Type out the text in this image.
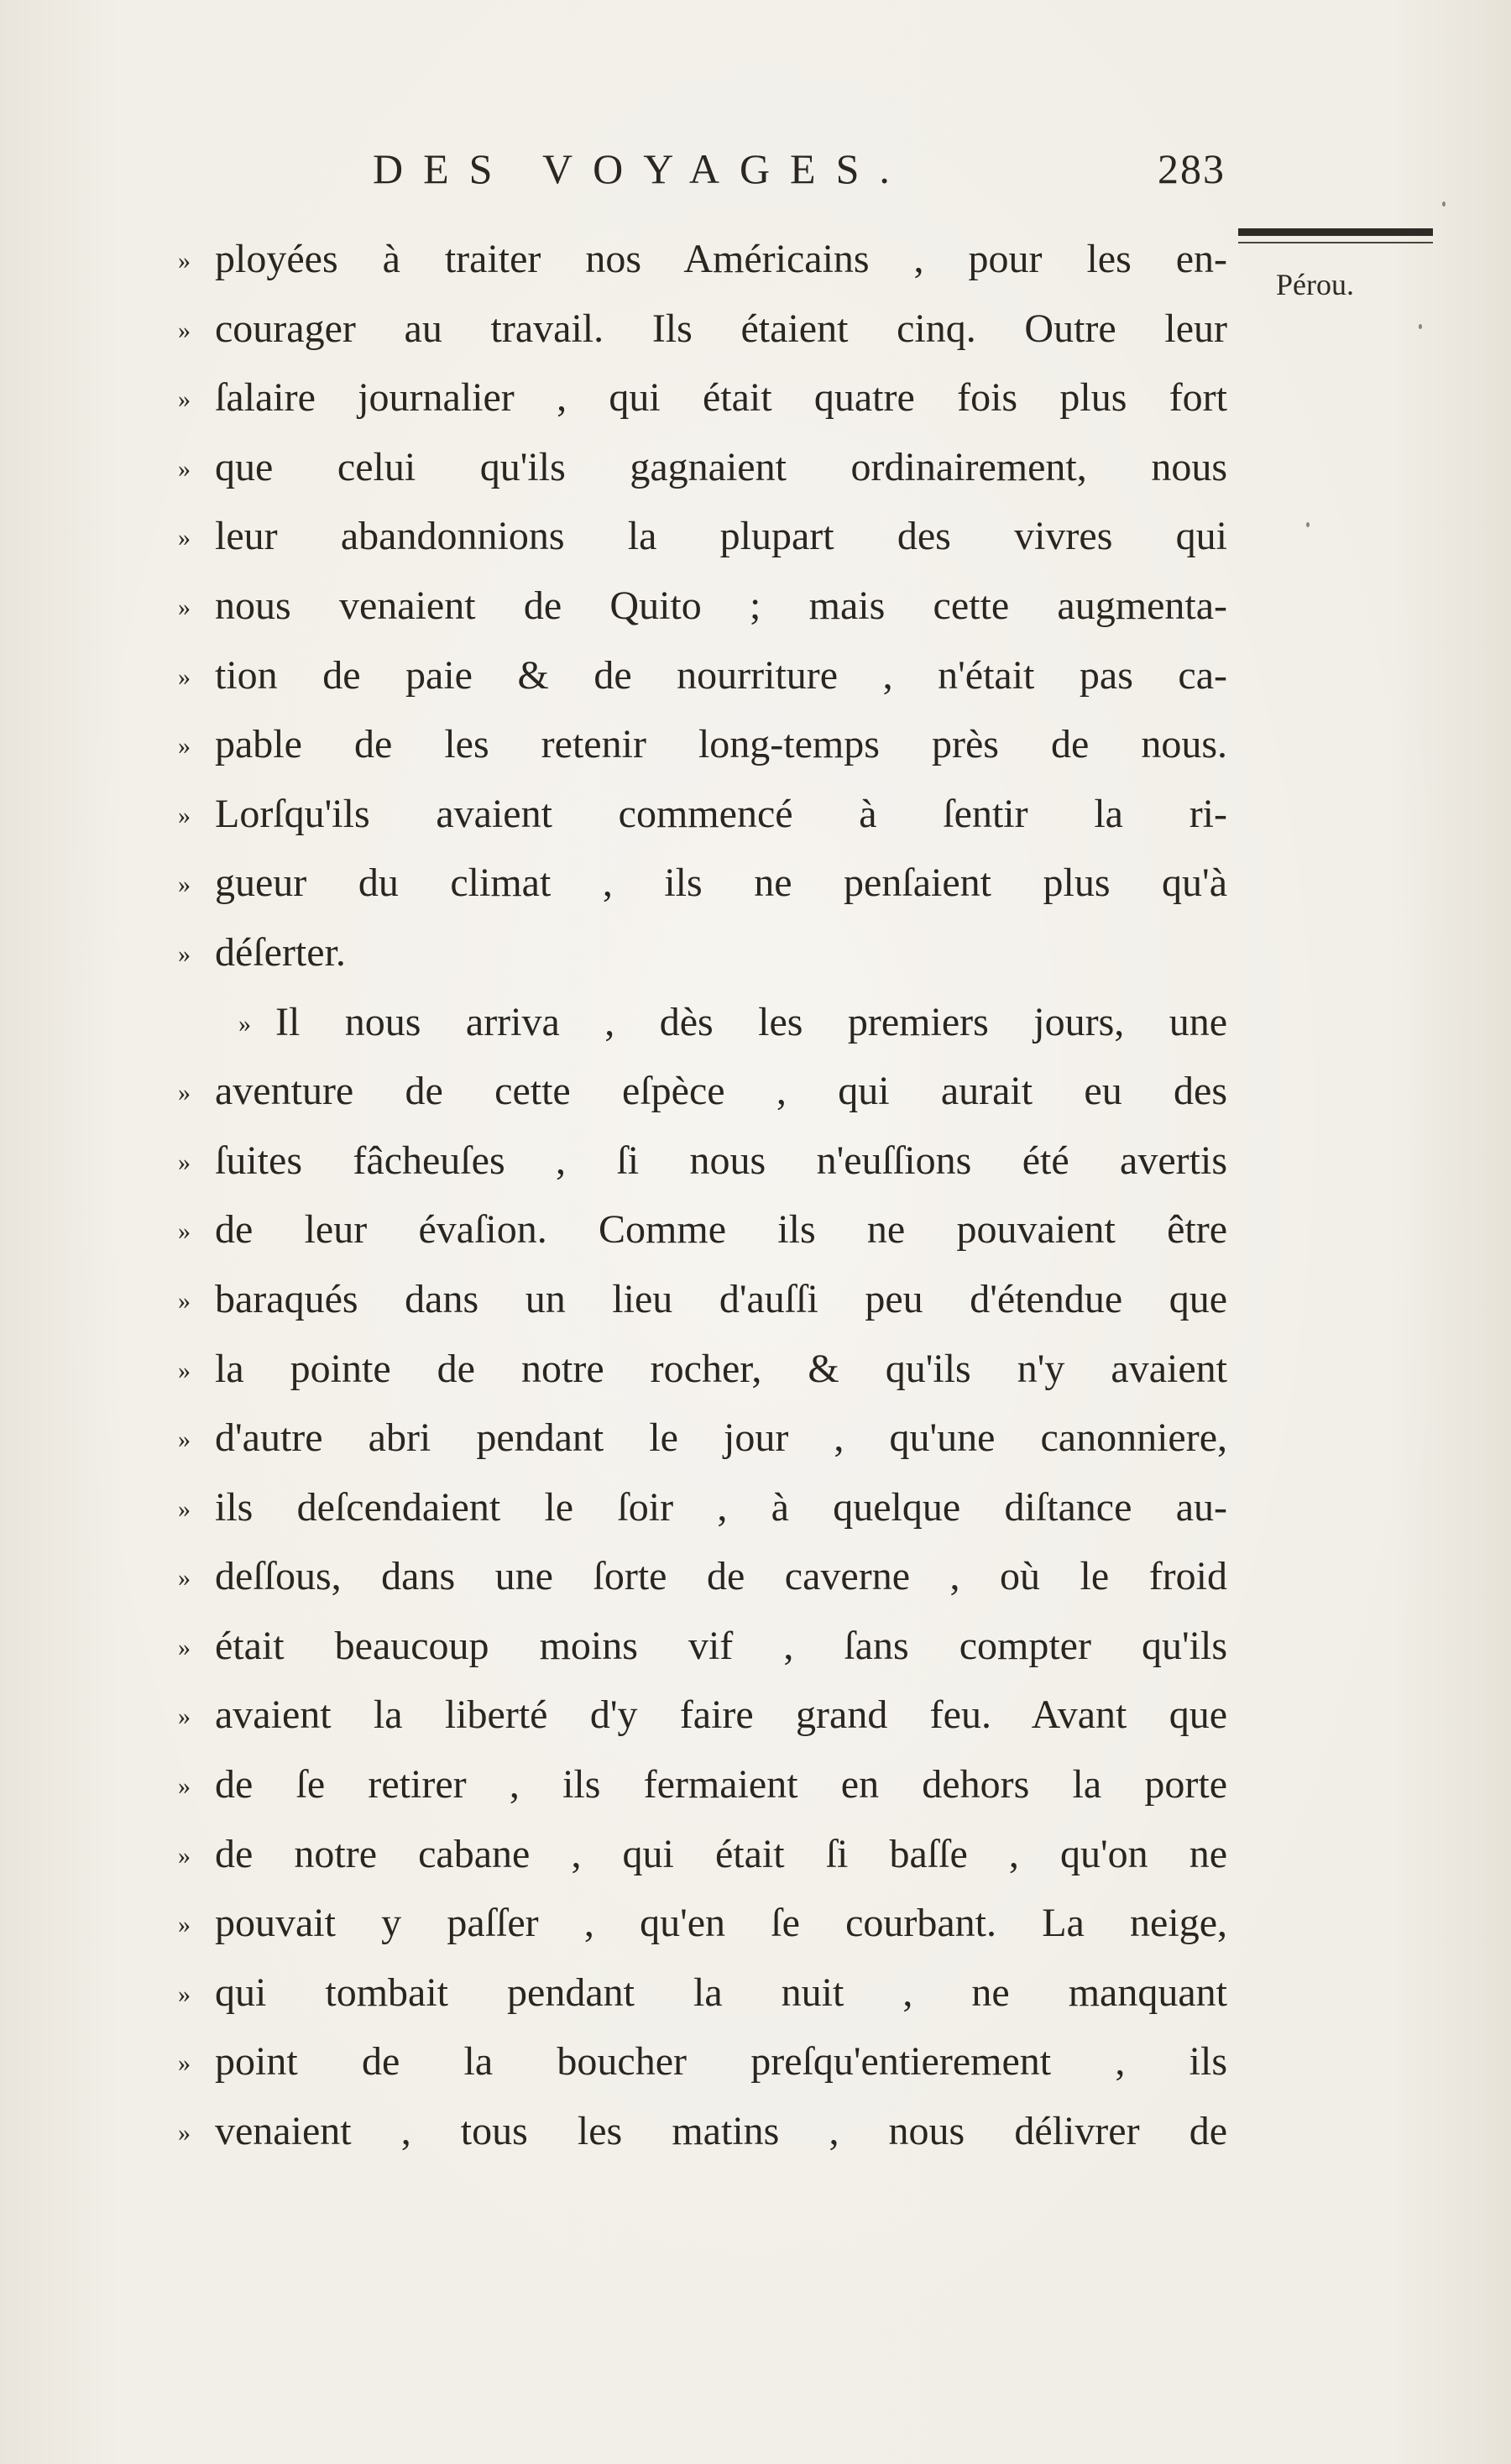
DES VOYAGES.	283
Pérou.
» ployées à traiter nos Américains , pour les en-
» courager au travail. Ils étaient cinq. Outre leur
» ſalaire journalier , qui était quatre fois plus fort
» que celui qu'ils gagnaient ordinairement, nous
» leur abandonnions la plupart des vivres qui
» nous venaient de Quito ; mais cette augmenta-
» tion de paie & de nourriture , n'était pas ca-
» pable de les retenir long-temps près de nous.
» Lorſqu'ils avaient commencé à ſentir la ri-
» gueur du climat , ils ne penſaient plus qu'à
» déſerter.
» Il nous arriva , dès les premiers jours, une
» aventure de cette eſpèce , qui aurait eu des
» ſuites fâcheuſes , ſi nous n'euſſions été avertis
» de leur évaſion. Comme ils ne pouvaient être
» baraqués dans un lieu d'auſſi peu d'étendue que
» la pointe de notre rocher, & qu'ils n'y avaient
» d'autre abri pendant le jour , qu'une canonniere,
» ils deſcendaient le ſoir , à quelque diſtance au-
» deſſous, dans une ſorte de caverne , où le froid
» était beaucoup moins vif , ſans compter qu'ils
» avaient la liberté d'y faire grand feu. Avant que
» de ſe retirer , ils fermaient en dehors la porte
» de notre cabane , qui était ſi baſſe , qu'on ne
» pouvait y paſſer , qu'en ſe courbant. La neige,
» qui tombait pendant la nuit , ne manquant
» point de la boucher preſqu'entierement , ils
» venaient , tous les matins , nous délivrer de
